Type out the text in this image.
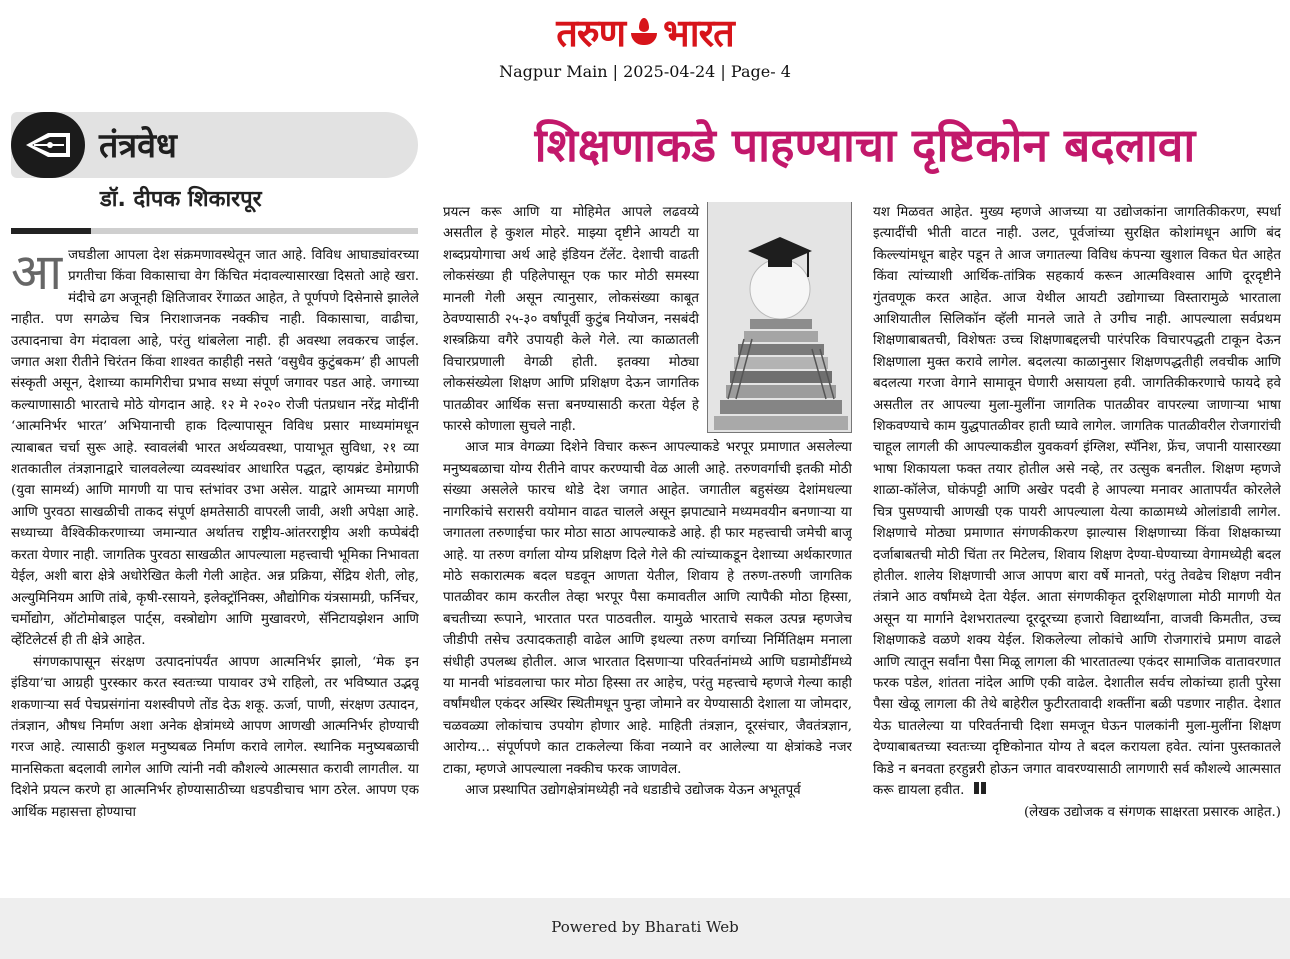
तरुण भारत
Nagpur Main | 2025-04-24 | Page- 4
तंत्रवेध
डॉ. दीपक शिकारपूर
शिक्षणाकडे पाहण्याचा दृष्टिकोन बदलावा

आजघडीला आपला देश संक्रमणावस्थेतून जात आहे. विविध आघाड्यांवरच्या प्रगतीचा किंवा विकासाचा वेग किंचित मंदावल्यासारखा दिसतो आहे खरा. मंदीचे ढग अजूनही क्षितिजावर रेंगाळत आहेत, ते पूर्णपणे दिसेनासे झालेले नाहीत. पण सगळेच चित्र निराशाजनक नक्कीच नाही. विकासाचा, वाढीचा, उत्पादनाचा वेग मंदावला आहे, परंतु थांबलेला नाही. ही अवस्था लवकरच जाईल. जगात अशा रीतीने चिरंतन किंवा शाश्वत काहीही नसते ‘वसुधैव कुटुंबकम’ ही आपली संस्कृती असून, देशाच्या कामगिरीचा प्रभाव सध्या संपूर्ण जगावर पडत आहे. जगाच्या कल्याणासाठी भारताचे मोठे योगदान आहे. १२ मे २०२० रोजी पंतप्रधान नरेंद्र मोदींनी ‘आत्मनिर्भर भारत’ अभियानाची हाक दिल्यापासून विविध प्रसार माध्यमांमधून त्याबाबत चर्चा सुरू आहे. स्वावलंबी भारत अर्थव्यवस्था, पायाभूत सुविधा, २१ व्या शतकातील तंत्रज्ञानाद्वारे चालवलेल्या व्यवस्थांवर आधारित पद्धत, व्हायब्रंट डेमोग्राफी (युवा सामर्थ्य) आणि मागणी या पाच स्तंभांवर उभा असेल. याद्वारे आमच्या मागणी आणि पुरवठा साखळीची ताकद संपूर्ण क्षमतेसाठी वापरली जावी, अशी अपेक्षा आहे. सध्याच्या वैश्विकीकरणाच्या जमान्यात अर्थातच राष्ट्रीय-आंतरराष्ट्रीय अशी कप्पेबंदी करता येणार नाही. जागतिक पुरवठा साखळीत आपल्याला महत्त्वाची भूमिका निभावता येईल, अशी बारा क्षेत्रे अधोरेखित केली गेली आहेत. अन्न प्रक्रिया, सेंद्रिय शेती, लोह, अल्युमिनियम आणि तांबे, कृषी-रसायने, इलेक्ट्रॉनिक्स, औद्योगिक यंत्रसामग्री, फर्निचर, चर्मोद्योग, ऑटोमोबाइल पार्ट्स, वस्त्रोद्योग आणि मुखावरणे, सॅनिटायझेशन आणि व्हेंटिलेटर्स ही ती क्षेत्रे आहेत.

संगणकापासून संरक्षण उत्पादनांपर्यंत आपण आत्मनिर्भर झालो, ‘मेक इन इंडिया’चा आग्रही पुरस्कार करत स्वतःच्या पायावर उभे राहिलो, तर भविष्यात उद्भवू शकणाऱ्या सर्व पेचप्रसंगांना यशस्वीपणे तोंड देऊ शकू. ऊर्जा, पाणी, संरक्षण उत्पादन, तंत्रज्ञान, औषध निर्माण अशा अनेक क्षेत्रांमध्ये आपण आणखी आत्मनिर्भर होण्याची गरज आहे. त्यासाठी कुशल मनुष्यबळ निर्माण करावे लागेल. स्थानिक मनुष्यबळाची मानसिकता बदलावी लागेल आणि त्यांनी नवी कौशल्ये आत्मसात करावी लागतील. या दिशेने प्रयत्न करणे हा आत्मनिर्भर होण्यासाठीच्या धडपडीचाच भाग ठरेल. आपण एक आर्थिक महासत्ता होण्याचा

प्रयत्न करू आणि या मोहिमेत आपले लढवय्ये असतील हे कुशल मोहरे. माझ्या दृष्टीने आयटी या शब्दप्रयोगाचा अर्थ आहे इंडियन टॅलेंट. देशाची वाढती लोकसंख्या ही पहिलेपासून एक फार मोठी समस्या मानली गेली असून त्यानुसार, लोकसंख्या काबूत ठेवण्यासाठी २५-३० वर्षांपूर्वी कुटुंब नियोजन, नसबंदी शस्त्रक्रिया वगैरे उपायही केले गेले. त्या काळातली विचारप्रणाली वेगळी होती. इतक्या मोठ्या लोकसंख्येला शिक्षण आणि प्रशिक्षण देऊन जागतिक पातळीवर आर्थिक सत्ता बनण्यासाठी करता येईल हे फारसे कोणाला सुचले नाही.

आज मात्र वेगळ्या दिशेने विचार करून आपल्याकडे भरपूर प्रमाणात असलेल्या मनुष्यबळाचा योग्य रीतीने वापर करण्याची वेळ आली आहे. तरुणवर्गाची इतकी मोठी संख्या असलेले फारच थोडे देश जगात आहेत. जगातील बहुसंख्य देशांमधल्या नागरिकांचे सरासरी वयोमान वाढत चालले असून झपाट्याने मध्यमवयीन बनणाऱ्या या जगातला तरुणाईचा फार मोठा साठा आपल्याकडे आहे. ही फार महत्त्वाची जमेची बाजू आहे. या तरुण वर्गाला योग्य प्रशिक्षण दिले गेले की त्यांच्याकडून देशाच्या अर्थकारणात मोठे सकारात्मक बदल घडवून आणता येतील, शिवाय हे तरुण-तरुणी जागतिक पातळीवर काम करतील तेव्हा भरपूर पैसा कमावतील आणि त्यापैकी मोठा हिस्सा, बचतीच्या रूपाने, भारतात परत पाठवतील. यामुळे भारताचे सकल उत्पन्न म्हणजेच जीडीपी तसेच उत्पादकताही वाढेल आणि इथल्या तरुण वर्गाच्या निर्मितिक्षम मनाला संधीही उपलब्ध होतील. आज भारतात दिसणाऱ्या परिवर्तनांमध्ये आणि घडामोडींमध्ये या मानवी भांडवलाचा फार मोठा हिस्सा तर आहेच, परंतु महत्त्वाचे म्हणजे गेल्या काही वर्षांमधील एकंदर अस्थिर स्थितीमधून पुन्हा जोमाने वर येण्यासाठी देशाला या जोमदार, चळवळ्या लोकांचाच उपयोग होणार आहे. माहिती तंत्रज्ञान, दूरसंचार, जैवतंत्रज्ञान, आरोग्य... संपूर्णपणे कात टाकलेल्या किंवा नव्याने वर आलेल्या या क्षेत्रांकडे नजर टाका, म्हणजे आपल्याला नक्कीच फरक जाणवेल.

आज प्रस्थापित उद्योगक्षेत्रांमध्येही नवे धडाडीचे उद्योजक येऊन अभूतपूर्व

यश मिळवत आहेत. मुख्य म्हणजे आजच्या या उद्योजकांना जागतिकीकरण, स्पर्धा इत्यादींची भीती वाटत नाही. उलट, पूर्वजांच्या सुरक्षित कोशांमधून आणि बंद किल्ल्यांमधून बाहेर पडून ते आज जगातल्या विविध कंपन्या खुशाल विकत घेत आहेत किंवा त्यांच्याशी आर्थिक-तांत्रिक सहकार्य करून आत्मविश्वास आणि दूरदृष्टीने गुंतवणूक करत आहेत. आज येथील आयटी उद्योगाच्या विस्तारामुळे भारताला आशियातील सिलिकॉन व्हॅली मानले जाते ते उगीच नाही. आपल्याला सर्वप्रथम शिक्षणाबाबतची, विशेषतः उच्च शिक्षणाबद्दलची पारंपरिक विचारपद्धती टाकून देऊन शिक्षणाला मुक्त करावे लागेल. बदलत्या काळानुसार शिक्षणपद्धतीही लवचीक आणि बदलत्या गरजा वेगाने सामावून घेणारी असायला हवी. जागतिकीकरणाचे फायदे हवे असतील तर आपल्या मुला-मुलींना जागतिक पातळीवर वापरल्या जाणाऱ्या भाषा शिकवण्याचे काम युद्धपातळीवर हाती घ्यावे लागेल. जागतिक पातळीवरील रोजगारांची चाहूल लागली की आपल्याकडील युवकवर्ग इंग्लिश, स्पॅनिश, फ्रेंच, जपानी यासारख्या भाषा शिकायला फक्त तयार होतील असे नव्हे, तर उत्सुक बनतील. शिक्षण म्हणजे शाळा-कॉलेज, घोकंपट्टी आणि अखेर पदवी हे आपल्या मनावर आतापर्यंत कोरलेले चित्र पुसण्याची आणखी एक पायरी आपल्याला येत्या काळामध्ये ओलांडावी लागेल. शिक्षणाचे मोठ्या प्रमाणात संगणकीकरण झाल्यास शिक्षणाच्या किंवा शिक्षकाच्या दर्जाबाबतची मोठी चिंता तर मिटेलच, शिवाय शिक्षण देण्या-घेण्याच्या वेगामध्येही बदल होतील. शालेय शिक्षणाची आज आपण बारा वर्षे मानतो, परंतु तेवढेच शिक्षण नवीन तंत्राने आठ वर्षांमध्ये देता येईल. आता संगणकीकृत दूरशिक्षणाला मोठी मागणी येत असून या मार्गाने देशभरातल्या दूरदूरच्या हजारो विद्यार्थ्यांना, वाजवी किमतीत, उच्च शिक्षणाकडे वळणे शक्य येईल. शिकलेल्या लोकांचे आणि रोजगारांचे प्रमाण वाढले आणि त्यातून सर्वांना पैसा मिळू लागला की भारतातल्या एकंदर सामाजिक वातावरणात फरक पडेल, शांतता नांदेल आणि एकी वाढेल. देशातील सर्वच लोकांच्या हाती पुरेसा पैसा खेळू लागला की तेथे बाहेरील फुटीरतावादी शक्तींना बळी पडणार नाहीत. देशात येऊ घातलेल्या या परिवर्तनाची दिशा समजून घेऊन पालकांनी मुला-मुलींना शिक्षण देण्याबाबतच्या स्वतःच्या दृष्टिकोनात योग्य ते बदल करायला हवेत. त्यांना पुस्तकातले किडे न बनवता हरहुन्नरी होऊन जगात वावरण्यासाठी लागणारी सर्व कौशल्ये आत्मसात करू द्यायला हवीत.

(लेखक उद्योजक व संगणक साक्षरता प्रसारक आहेत.)

Powered by Bharati Web
